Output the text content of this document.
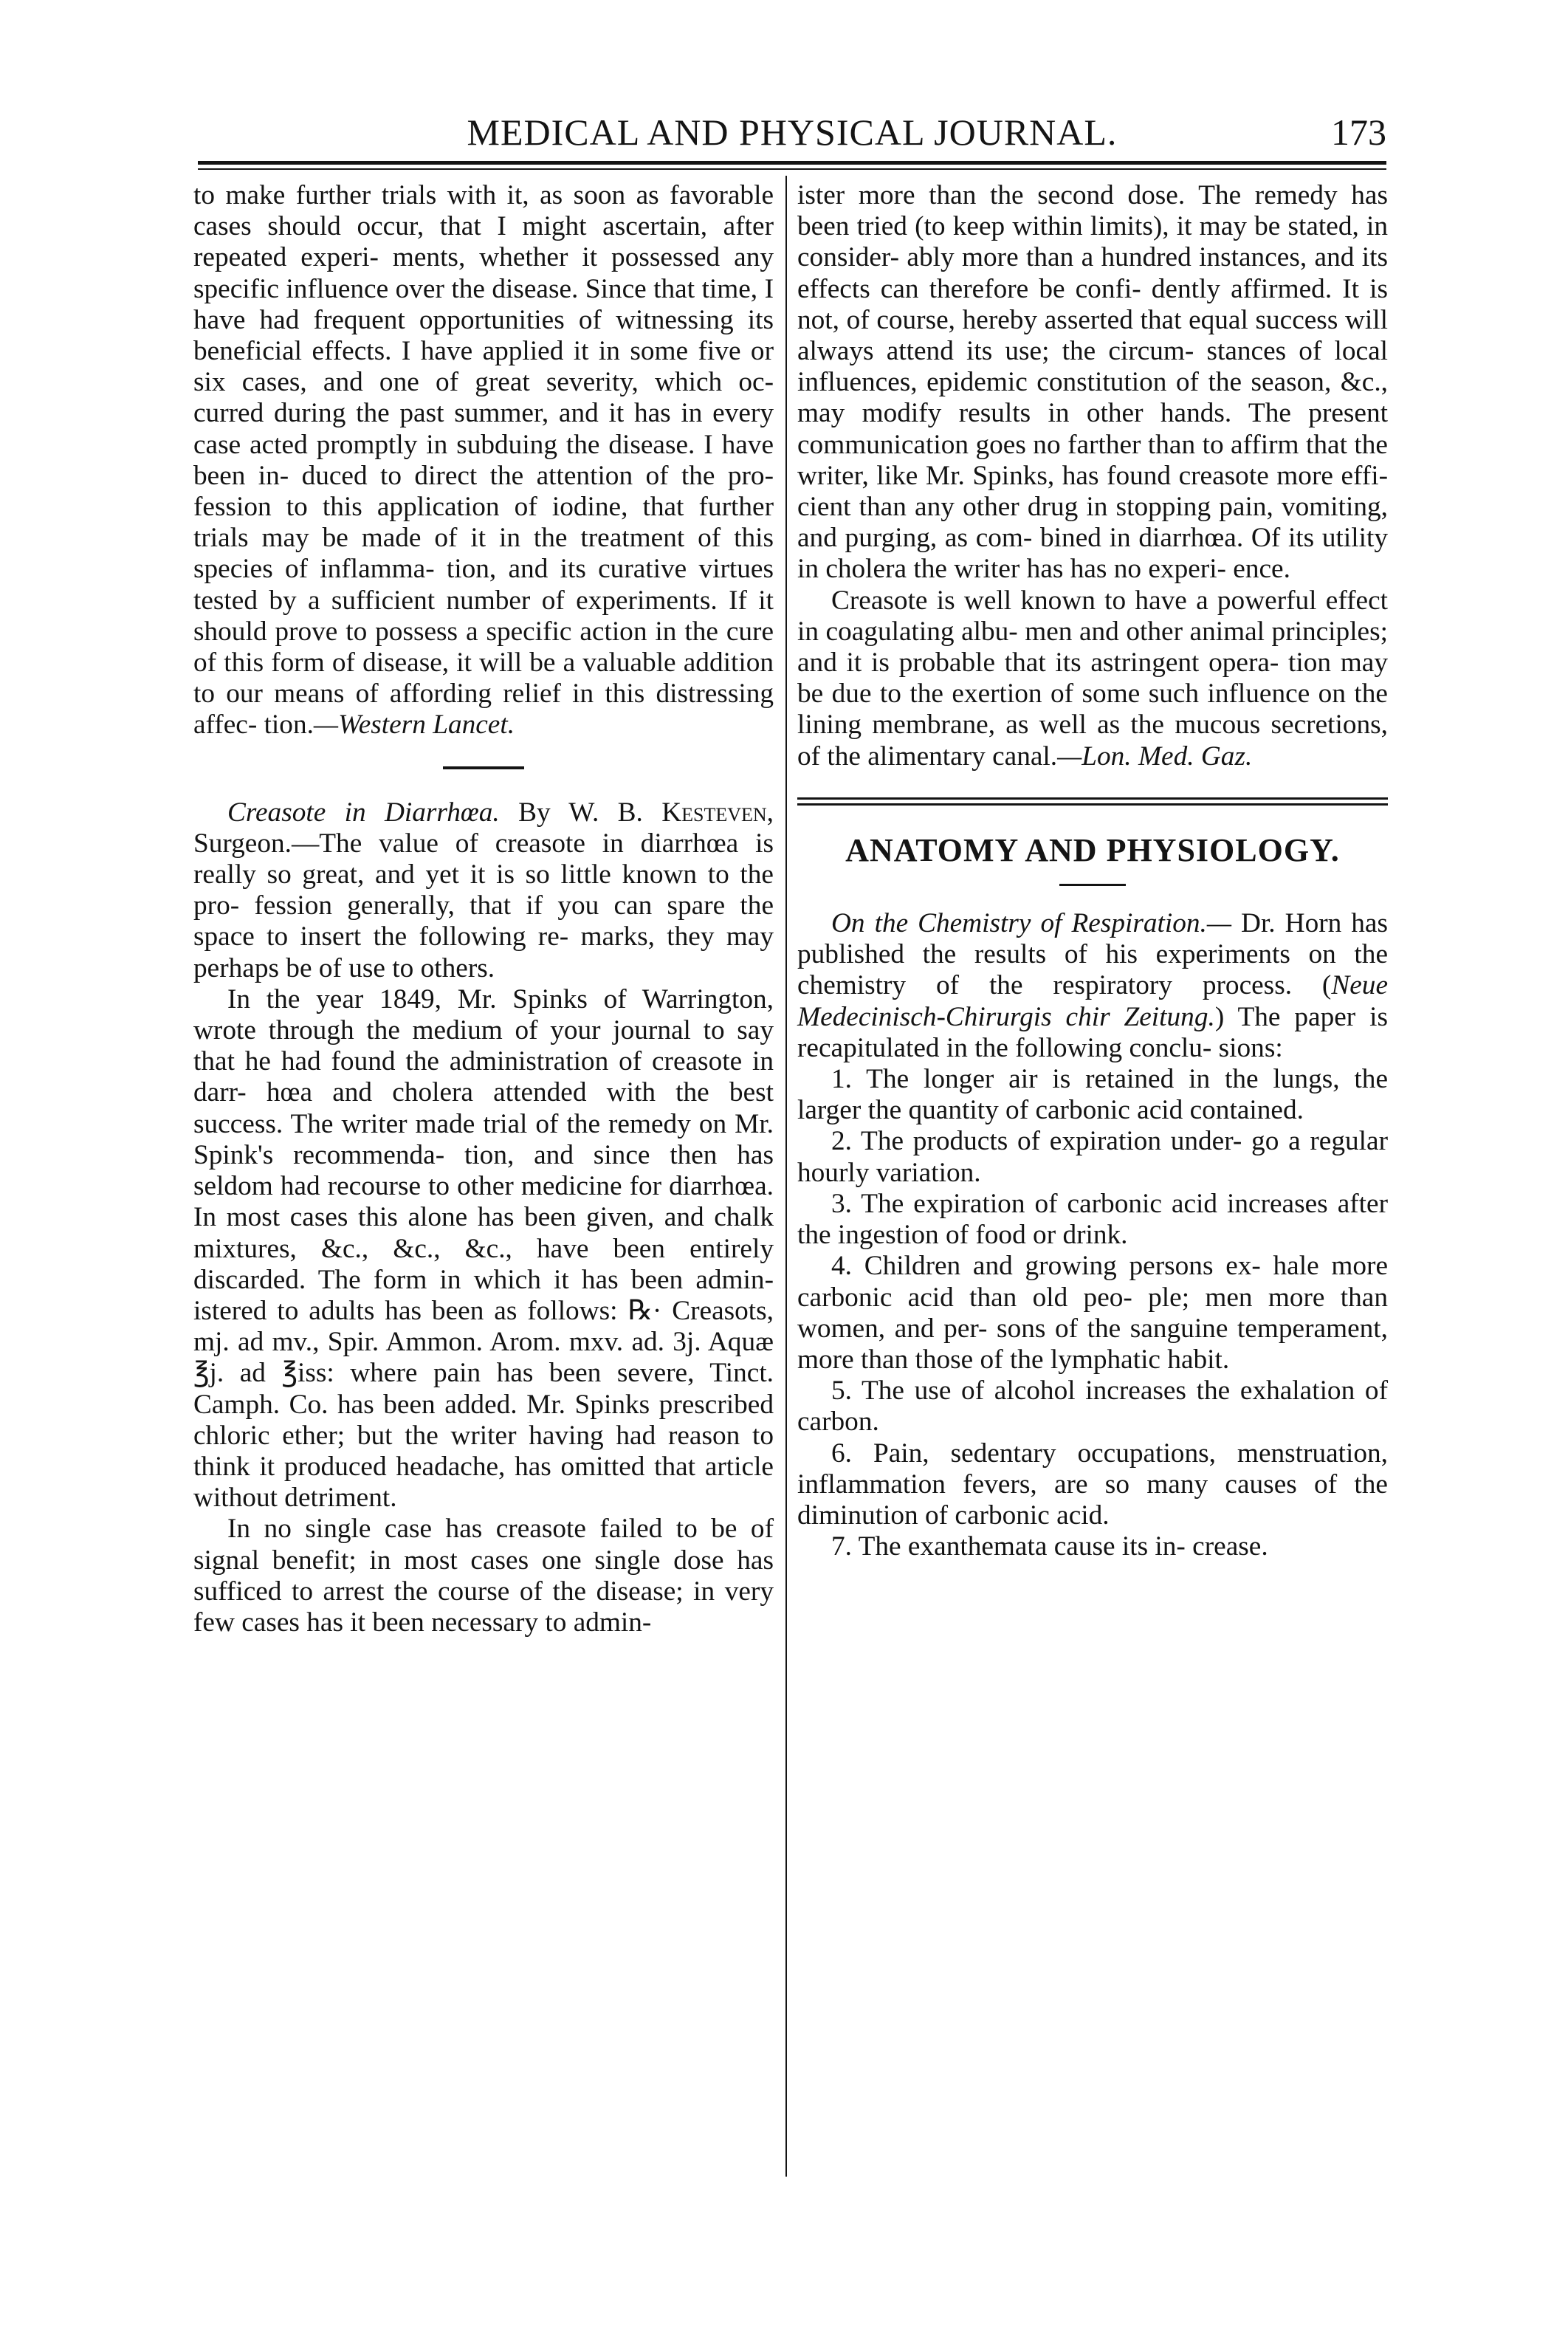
MEDICAL AND PHYSICAL JOURNAL.	173

to make further trials with it, as soon as favorable cases should occur, that I might ascertain, after repeated experi- ments, whether it possessed any specific influence over the disease. Since that time, I have had frequent opportunities of witnessing its beneficial effects. I have applied it in some five or six cases, and one of great severity, which oc- curred during the past summer, and it has in every case acted promptly in subduing the disease. I have been in- duced to direct the attention of the pro- fession to this application of iodine, that further trials may be made of it in the treatment of this species of inflamma- tion, and its curative virtues tested by a sufficient number of experiments. If it should prove to possess a specific action in the cure of this form of disease, it will be a valuable addition to our means of affording relief in this distressing affec- tion.—Western Lancet.

Creasote in Diarrhœa. By W. B. Kesteven, Surgeon.—The value of creasote in diarrhœa is really so great, and yet it is so little known to the pro- fession generally, that if you can spare the space to insert the following re- marks, they may perhaps be of use to others.

In the year 1849, Mr. Spinks of Warrington, wrote through the medium of your journal to say that he had found the administration of creasote in darr- hœa and cholera attended with the best success. The writer made trial of the remedy on Mr. Spink's recommenda- tion, and since then has seldom had recourse to other medicine for diarrhœa. In most cases this alone has been given, and chalk mixtures, &c., &c., &c., have been entirely discarded. The form in which it has been admin- istered to adults has been as follows: ℞· Creasots, mj. ad mv., Spir. Ammon. Arom. mxv. ad. 3j. Aquæ ℥j. ad ℥iss: where pain has been severe, Tinct. Camph. Co. has been added. Mr. Spinks prescribed chloric ether; but the writer having had reason to think it produced headache, has omitted that article without detriment.

In no single case has creasote failed to be of signal benefit; in most cases one single dose has sufficed to arrest the course of the disease; in very few cases has it been necessary to admin-

ister more than the second dose. The remedy has been tried (to keep within limits), it may be stated, in consider- ably more than a hundred instances, and its effects can therefore be confi- dently affirmed. It is not, of course, hereby asserted that equal success will always attend its use; the circum- stances of local influences, epidemic constitution of the season, &c., may modify results in other hands. The present communication goes no farther than to affirm that the writer, like Mr. Spinks, has found creasote more effi- cient than any other drug in stopping pain, vomiting, and purging, as com- bined in diarrhœa. Of its utility in cholera the writer has has no experi- ence.

Creasote is well known to have a powerful effect in coagulating albu- men and other animal principles; and it is probable that its astringent opera- tion may be due to the exertion of some such influence on the lining membrane, as well as the mucous secretions, of the alimentary canal.—Lon. Med. Gaz.

ANATOMY AND PHYSIOLOGY.

On the Chemistry of Respiration.— Dr. Horn has published the results of his experiments on the chemistry of the respiratory process. (Neue Medecinisch-Chirurgis chir Zeitung.) The paper is recapitulated in the following conclu- sions:

1. The longer air is retained in the lungs, the larger the quantity of carbonic acid contained.

2. The products of expiration under- go a regular hourly variation.

3. The expiration of carbonic acid increases after the ingestion of food or drink.

4. Children and growing persons ex- hale more carbonic acid than old peo- ple; men more than women, and per- sons of the sanguine temperament, more than those of the lymphatic habit.

5. The use of alcohol increases the exhalation of carbon.

6. Pain, sedentary occupations, menstruation, inflammation fevers, are so many causes of the diminution of carbonic acid.

7. The exanthemata cause its in- crease.
